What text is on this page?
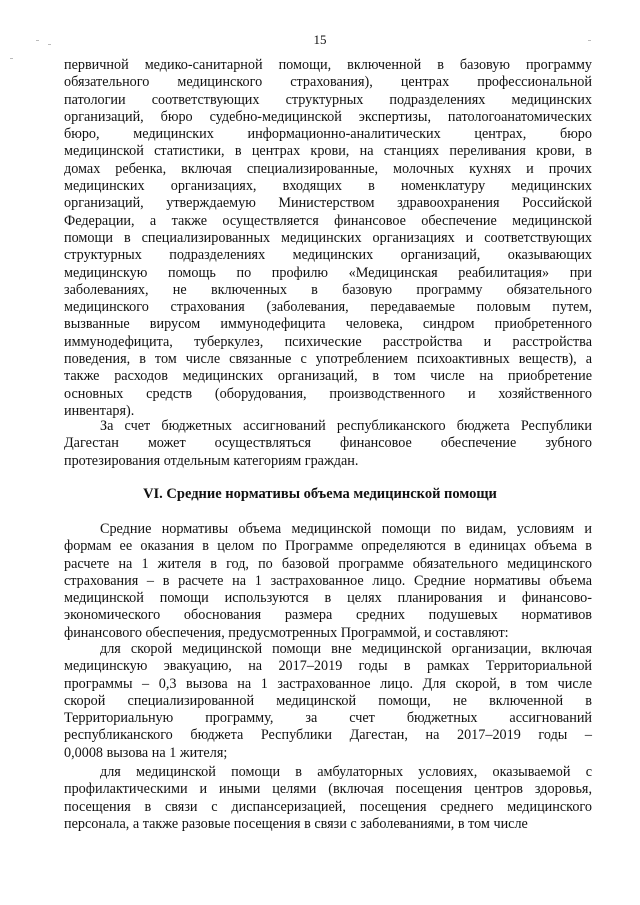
15
первичной медико-санитарной помощи, включенной в базовую программу
обязательного медицинского страхования), центрах профессиональной
патологии соответствующих структурных подразделениях медицинских
организаций, бюро судебно-медицинской экспертизы, патологоанатомических
бюро, медицинских информационно-аналитических центрах, бюро
медицинской статистики, в центрах крови, на станциях переливания крови, в
домах ребенка, включая специализированные, молочных кухнях и прочих
медицинских организациях, входящих в номенклатуру медицинских
организаций, утверждаемую Министерством здравоохранения Российской
Федерации, а также осуществляется финансовое обеспечение медицинской
помощи в специализированных медицинских организациях и соответствующих
структурных подразделениях медицинских организаций, оказывающих
медицинскую помощь по профилю «Медицинская реабилитация» при
заболеваниях, не включенных в базовую программу обязательного
медицинского страхования (заболевания, передаваемые половым путем,
вызванные вирусом иммунодефицита человека, синдром приобретенного
иммунодефицита, туберкулез, психические расстройства и расстройства
поведения, в том числе связанные с употреблением психоактивных веществ), а
также расходов медицинских организаций, в том числе на приобретение
основных средств (оборудования, производственного и хозяйственного
инвентаря).
За счет бюджетных ассигнований республиканского бюджета Республики
Дагестан может осуществляться финансовое обеспечение зубного
протезирования отдельным категориям граждан.
VI. Средние нормативы объема медицинской помощи
Средние нормативы объема медицинской помощи по видам, условиям и
формам ее оказания в целом по Программе определяются в единицах объема в
расчете на 1 жителя в год, по базовой программе обязательного медицинского
страхования – в расчете на 1 застрахованное лицо. Средние нормативы объема
медицинской помощи используются в целях планирования и финансово-
экономического обоснования размера средних подушевых нормативов
финансового обеспечения, предусмотренных Программой, и составляют:
для скорой медицинской помощи вне медицинской организации, включая
медицинскую эвакуацию, на 2017–2019 годы в рамках Территориальной
программы – 0,3 вызова на 1 застрахованное лицо. Для скорой, в том числе
скорой специализированной медицинской помощи, не включенной в
Территориальную программу, за счет бюджетных ассигнований
республиканского бюджета Республики Дагестан, на 2017–2019 годы –
0,0008 вызова на 1 жителя;
для медицинской помощи в амбулаторных условиях, оказываемой с
профилактическими и иными целями (включая посещения центров здоровья,
посещения в связи с диспансеризацией, посещения среднего медицинского
персонала, а также разовые посещения в связи с заболеваниями, в том числе
